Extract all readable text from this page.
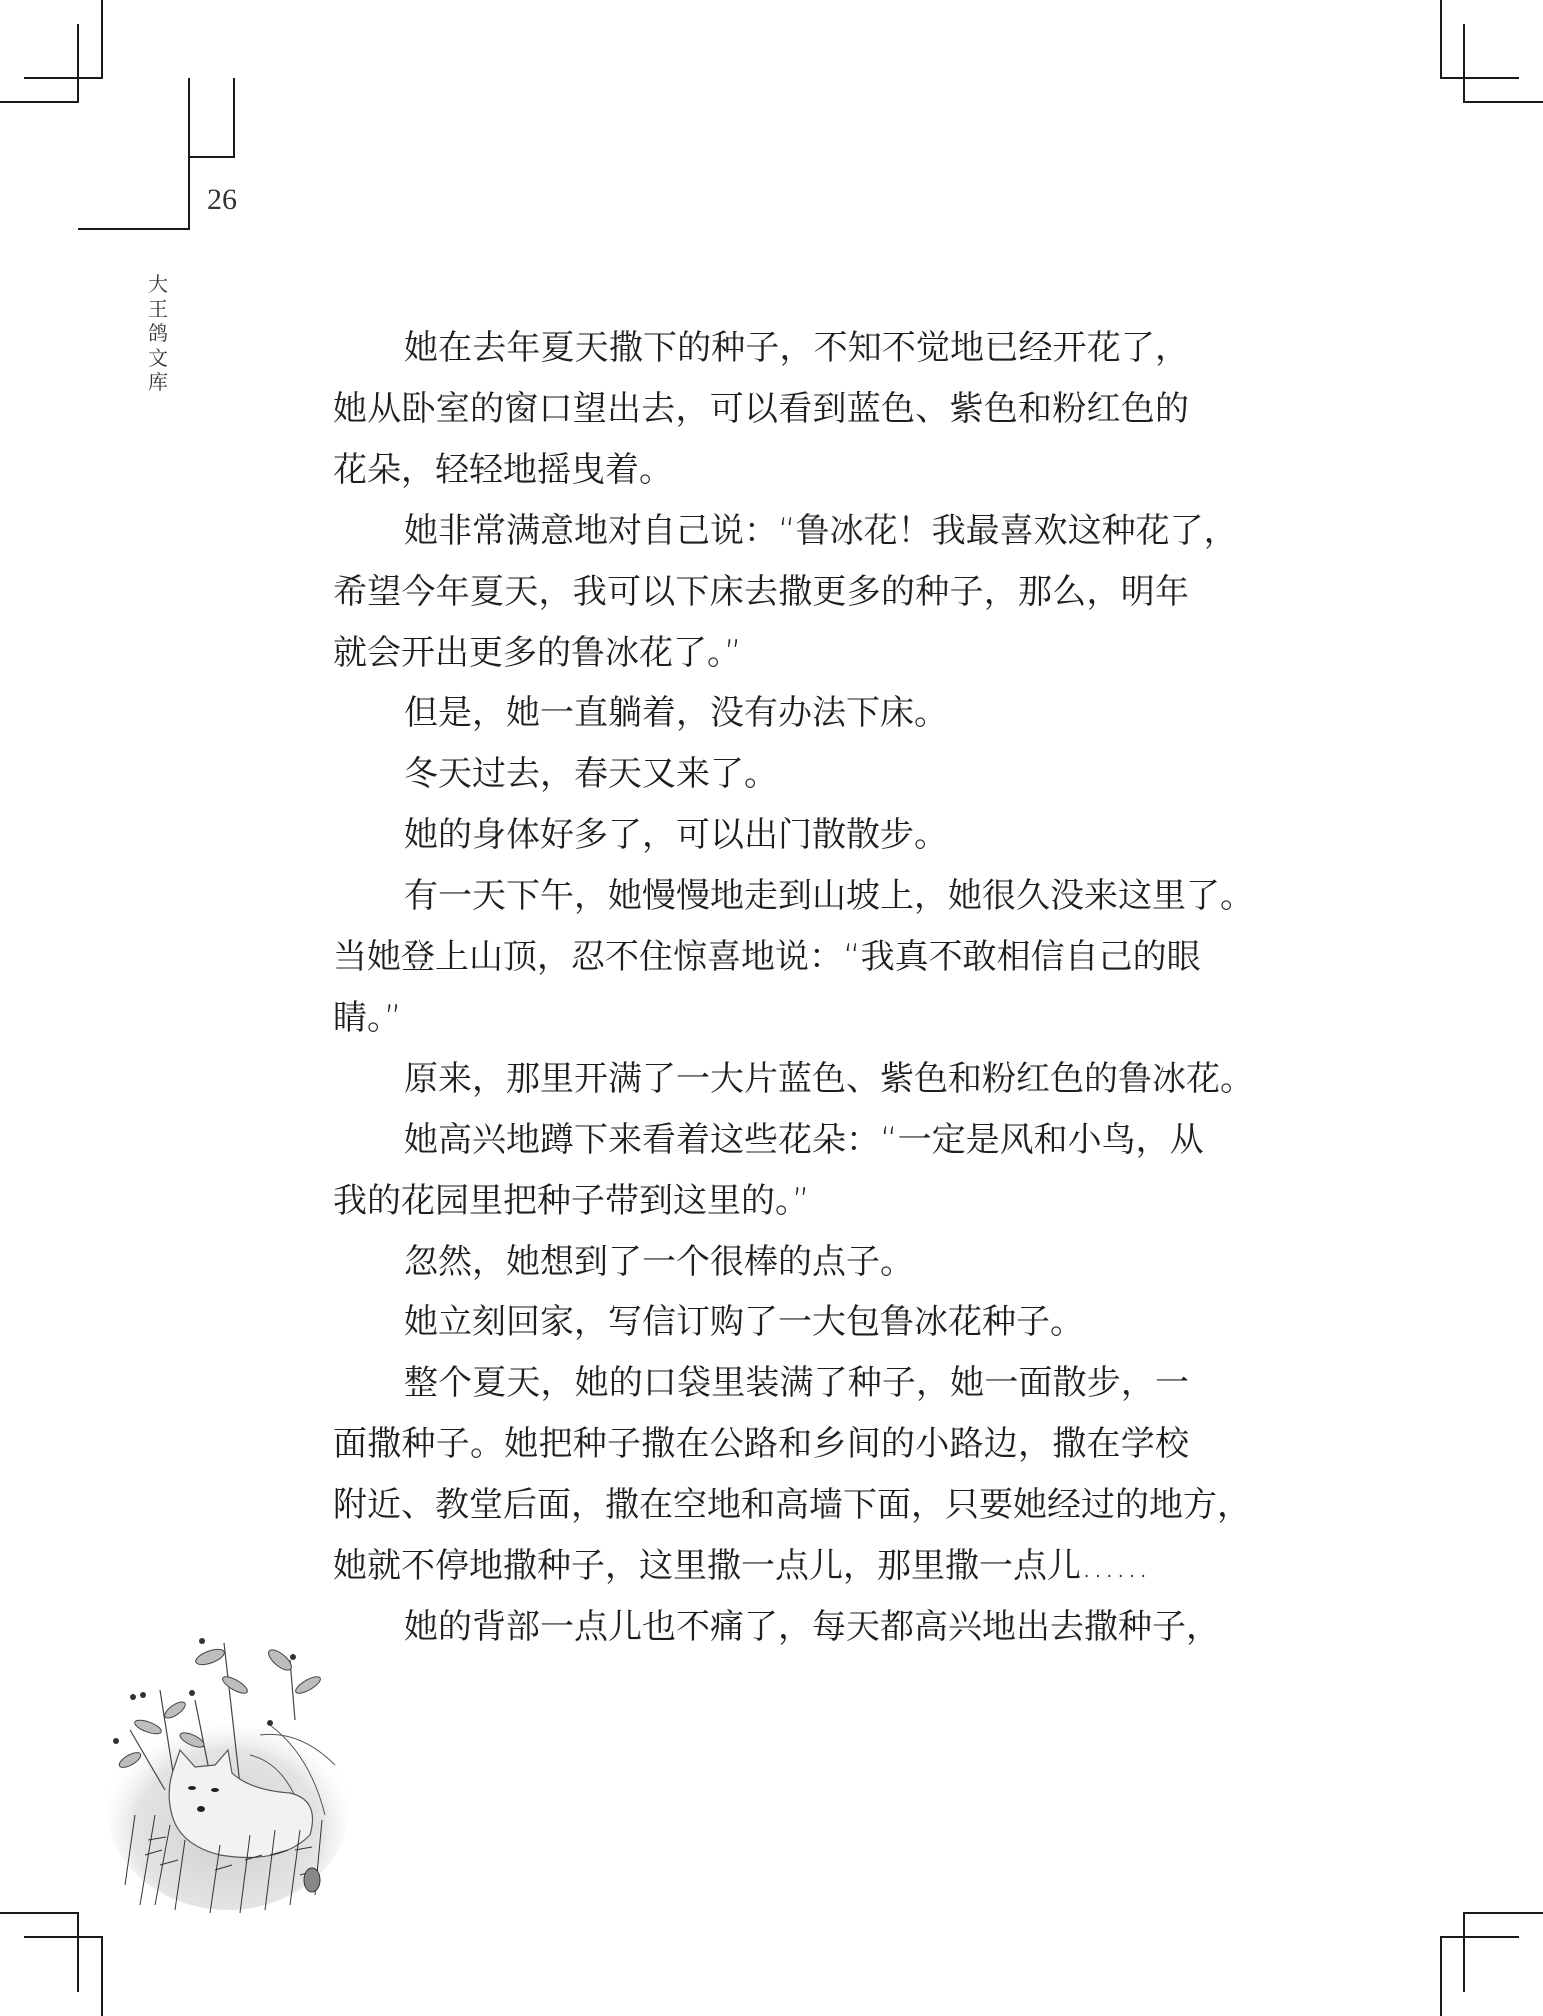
26
大
王
鸽
文
库
她在去年夏天撒下的种子，不知不觉地已经开花了，
她从卧室的窗口望出去，可以看到蓝色、紫色和粉红色的
花朵，轻轻地摇曳着。
她非常满意地对自己说：“鲁冰花！我最喜欢这种花了，
希望今年夏天，我可以下床去撒更多的种子，那么，明年
就会开出更多的鲁冰花了。”
但是，她一直躺着，没有办法下床。
冬天过去，春天又来了。
她的身体好多了，可以出门散散步。
有一天下午，她慢慢地走到山坡上，她很久没来这里了。
当她登上山顶，忍不住惊喜地说：“我真不敢相信自己的眼
睛。”
原来，那里开满了一大片蓝色、紫色和粉红色的鲁冰花。
她高兴地蹲下来看着这些花朵：“一定是风和小鸟，从
我的花园里把种子带到这里的。”
忽然，她想到了一个很棒的点子。
她立刻回家，写信订购了一大包鲁冰花种子。
整个夏天，她的口袋里装满了种子，她一面散步，一
面撒种子。她把种子撒在公路和乡间的小路边，撒在学校
附近、教堂后面，撒在空地和高墙下面，只要她经过的地方，
她就不停地撒种子，这里撒一点儿，那里撒一点儿……
她的背部一点儿也不痛了，每天都高兴地出去撒种子，
